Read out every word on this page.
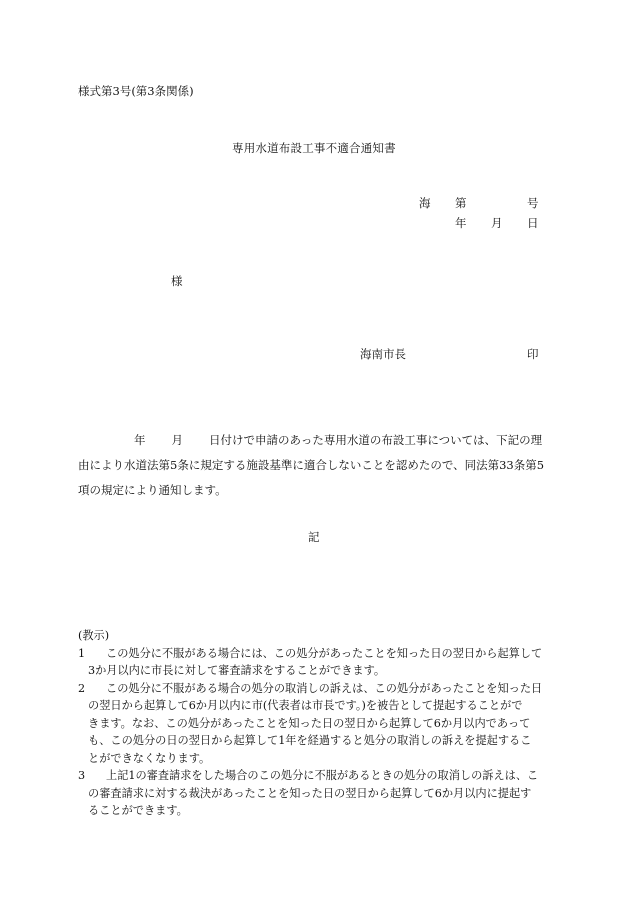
様式第3号(第3条関係)
専用水道布設工事不適合通知書
海 第	号
年 月 日
様
海南市長	印

年 月 日付けで申請のあった専用水道の布設工事については、下記の理

由により水道法第5条に規定する施設基準に適合しないことを認めたので、同法第33条第5

項の規定により通知します。

記
(教示)
1 この処分に不服がある場合には、この処分があったことを知った日の翌日から起算して
3か月以内に市長に対して審査請求をすることができます。
2 この処分に不服がある場合の処分の取消しの訴えは、この処分があったことを知った日
の翌日から起算して6か月以内に市(代表者は市長です。)を被告として提起することがで
きます。なお、この処分があったことを知った日の翌日から起算して6か月以内であって
も、この処分の日の翌日から起算して1年を経過すると処分の取消しの訴えを提起するこ
とができなくなります。
3 上記1の審査請求をした場合のこの処分に不服があるときの処分の取消しの訴えは、こ
の審査請求に対する裁決があったことを知った日の翌日から起算して6か月以内に提起す
ることができます。
